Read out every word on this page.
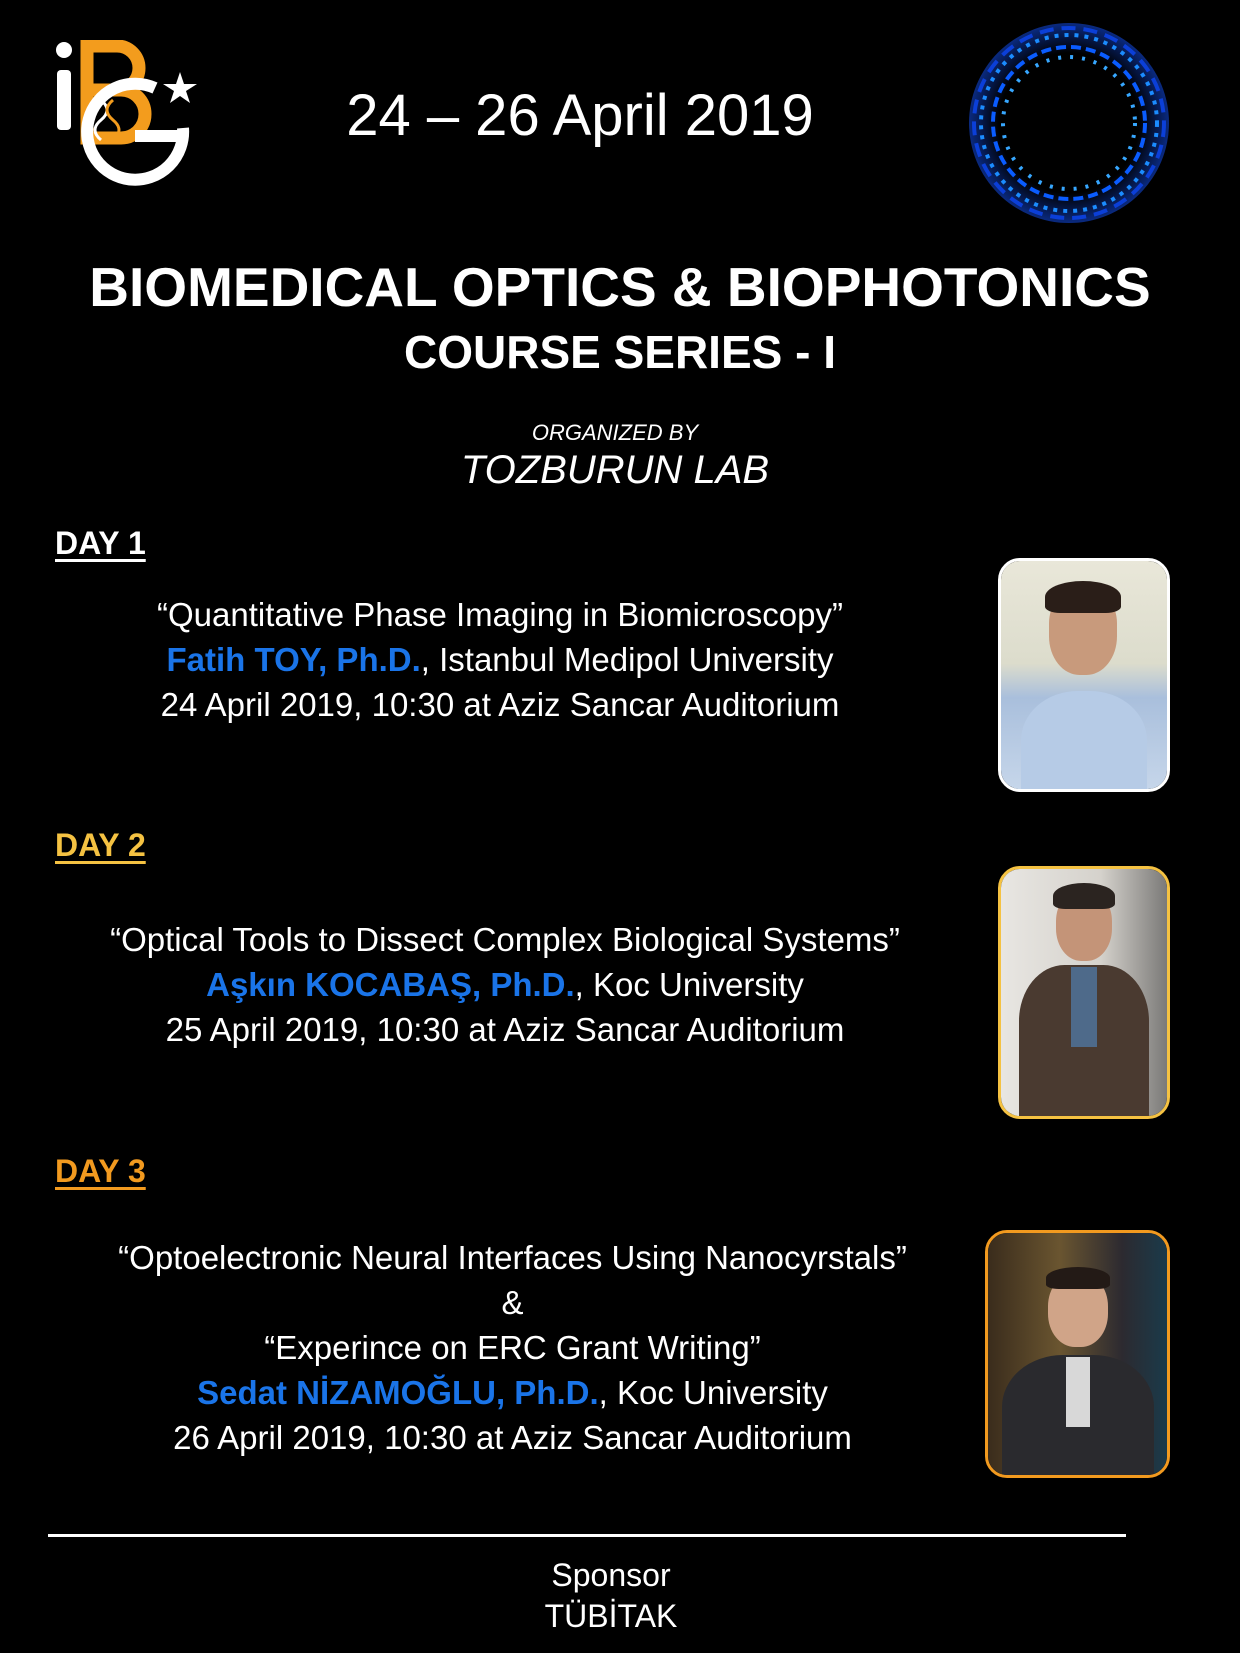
24 – 26 April 2019
BIOMEDICAL OPTICS & BIOPHOTONICS
COURSE SERIES - I
ORGANIZED BY
TOZBURUN LAB
DAY 1
“Quantitative Phase Imaging in Biomicroscopy”
Fatih TOY, Ph.D., Istanbul Medipol University
24 April 2019, 10:30 at Aziz Sancar Auditorium
DAY 2
“Optical Tools to Dissect Complex Biological Systems”
Aşkın KOCABAŞ, Ph.D., Koc University
25 April 2019, 10:30 at Aziz Sancar Auditorium
DAY 3
“Optoelectronic Neural Interfaces Using Nanocyrstals”
&
“Experince on ERC Grant Writing”
Sedat NİZAMOĞLU, Ph.D., Koc University
26 April 2019, 10:30 at Aziz Sancar Auditorium
Sponsor
TÜBİTAK
